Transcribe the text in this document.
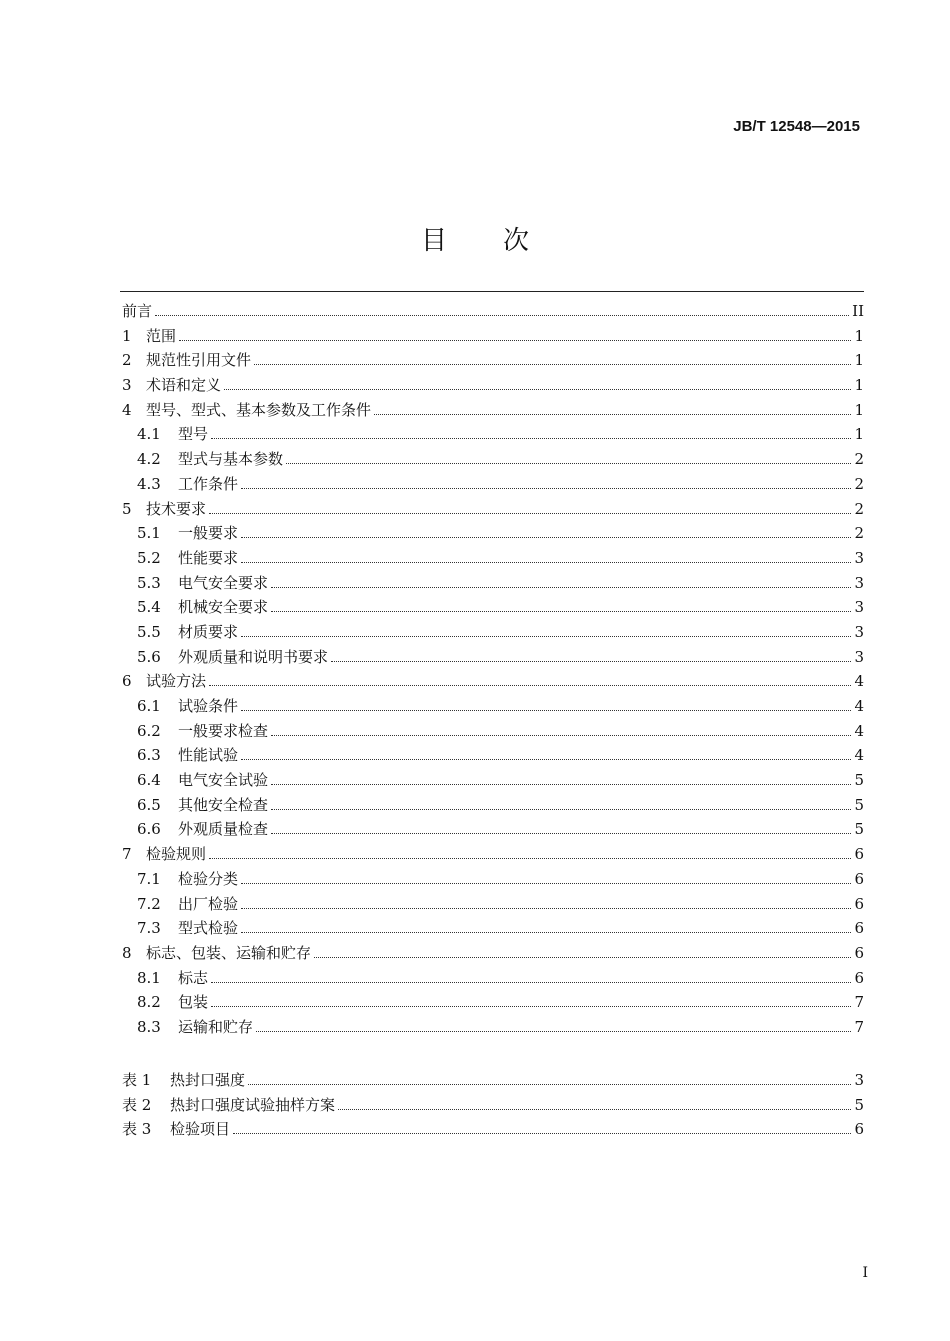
JB/T 12548—2015
目次
前言	II
1 范围	1
2 规范性引用文件	1
3 术语和定义	1
4 型号、型式、基本参数及工作条件	1
4.1	型号	1
4.2	型式与基本参数	2
4.3	工作条件	2
5 技术要求	2
5.1	一般要求	2
5.2	性能要求	3
5.3	电气安全要求	3
5.4	机械安全要求	3
5.5	材质要求	3
5.6	外观质量和说明书要求	3
6 试验方法	4
6.1	试验条件	4
6.2	一般要求检查	4
6.3	性能试验	4
6.4	电气安全试验	5
6.5	其他安全检查	5
6.6	外观质量检查	5
7 检验规则	6
7.1	检验分类	6
7.2	出厂检验	6
7.3	型式检验	6
8 标志、包装、运输和贮存	6
8.1	标志	6
8.2	包装	7
8.3	运输和贮存	7
表 1	热封口强度	3
表 2	热封口强度试验抽样方案	5
表 3	检验项目	6
I
